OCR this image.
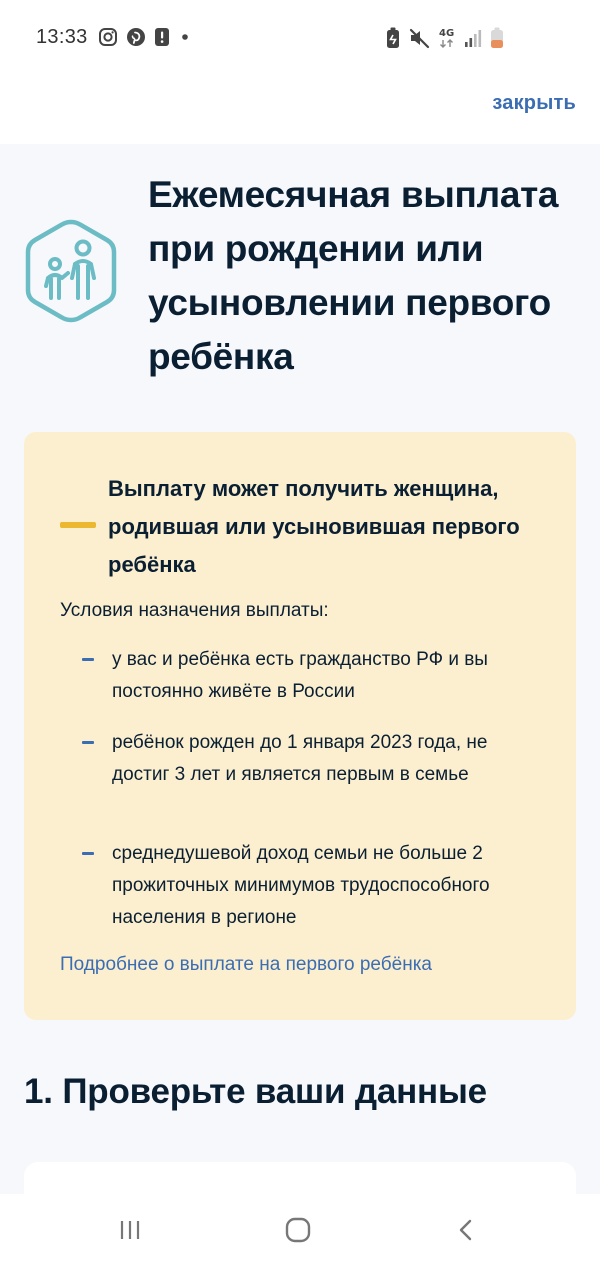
13:33	4G
закрыть
Ежемесячная выплата при рождении или усыновлении первого ребёнка

Выплату может получить женщина, родившая или усыновившая первого ребёнка

Условия назначения выплаты:

у вас и ребёнка есть гражданство РФ и вы постоянно живёте в России

ребёнок рожден до 1 января 2023 года, не достиг 3 лет и является первым в семье

среднедушевой доход семьи не больше 2 прожиточных минимумов трудоспособного населения в регионе

Подробнее о выплате на первого ребёнка
1. Проверьте ваши данные
